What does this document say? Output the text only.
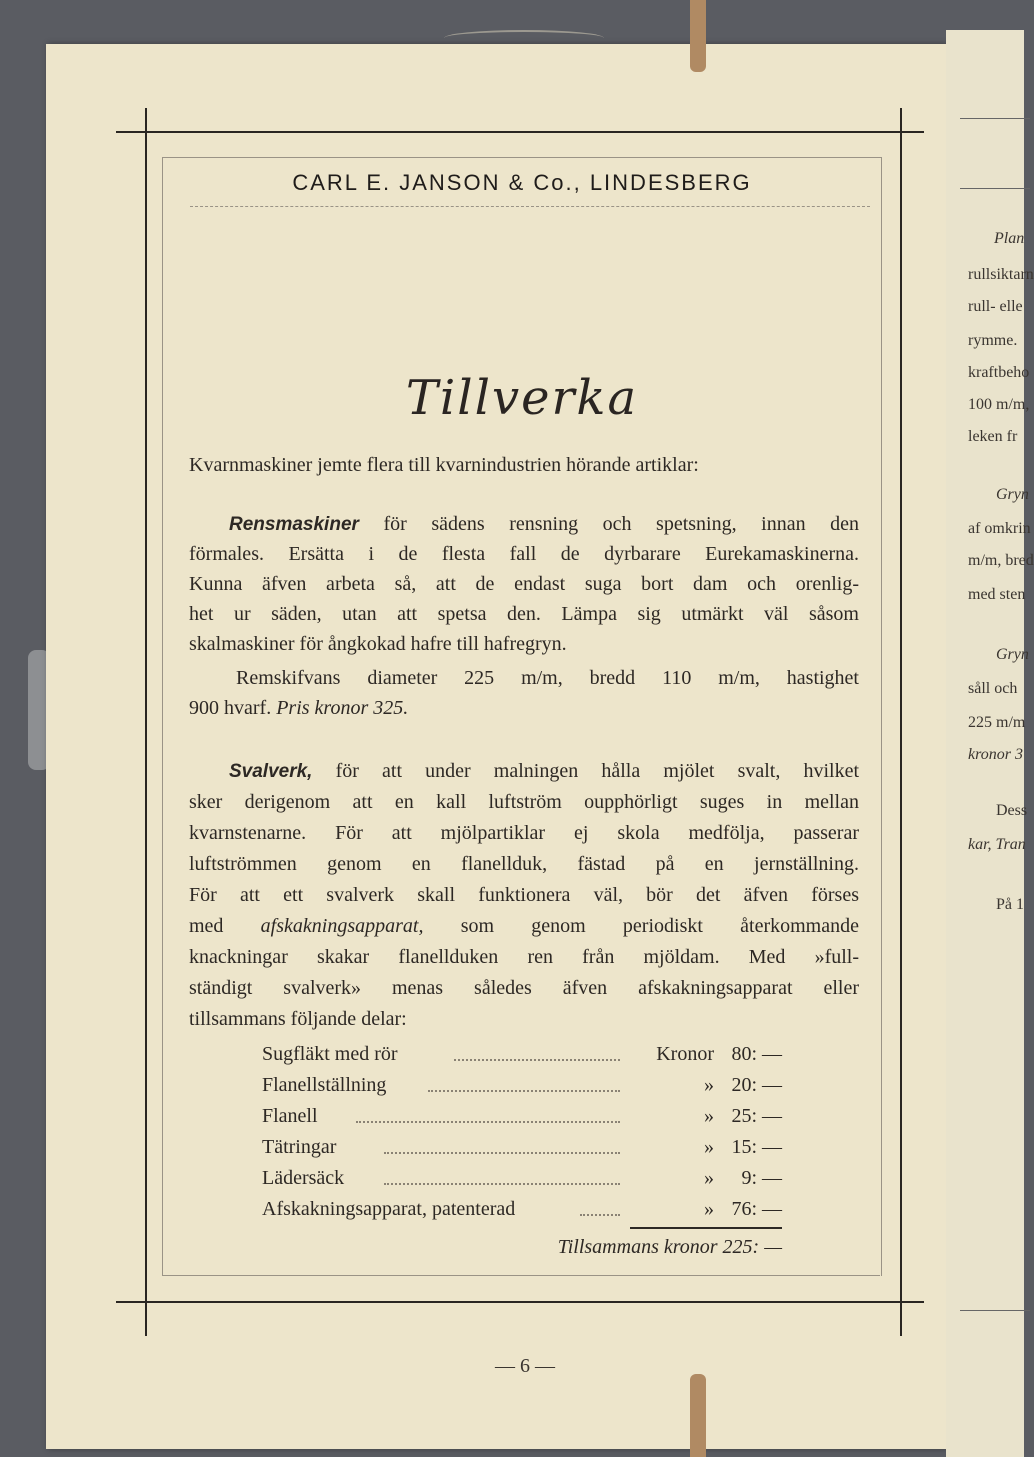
Plan
rullsiktarn
rull- elle
rymme.
kraftbeho
100 m/m,
leken fr
Gryn
af omkrin
m/m, bred
med sten
Gryn
såll och
225 m/m
kronor 3
Dess
kar, Tran
På 1
CARL E. JANSON & Co., LINDESBERG
Tillverka
Kvarnmaskiner jemte flera till kvarnindustrien hörande artiklar:
Rensmaskiner för sädens rensning och spetsning, innan den
förmales. Ersätta i de flesta fall de dyrbarare Eurekamaskinerna.
Kunna äfven arbeta så, att de endast suga bort dam och orenlig-
het ur säden, utan att spetsa den. Lämpa sig utmärkt väl såsom
skalmaskiner för ångkokad hafre till hafregryn.
Remskifvans diameter 225 m/m, bredd 110 m/m, hastighet
900 hvarf. Pris kronor 325.
Svalverk, för att under malningen hålla mjölet svalt, hvilket
sker derigenom att en kall luftström oupphörligt suges in mellan
kvarnstenarne. För att mjölpartiklar ej skola medfölja, passerar
luftströmmen genom en flanellduk, fästad på en jernställning.
För att ett svalverk skall funktionera väl, bör det äfven förses
med afskakningsapparat, som genom periodiskt återkommande
knackningar skakar flanellduken ren från mjöldam. Med »full-
ständigt svalverk» menas således äfven afskakningsapparat eller
tillsammans följande delar:
Sugfläkt med rör	Kronor 80: —
Flanellställning	» 20: —
Flanell	» 25: —
Tätringar	» 15: —
Lädersäck	»	9: —
Afskakningsapparat, patenterad	» 76: —
Tillsammans kronor 225: —
— 6 —
